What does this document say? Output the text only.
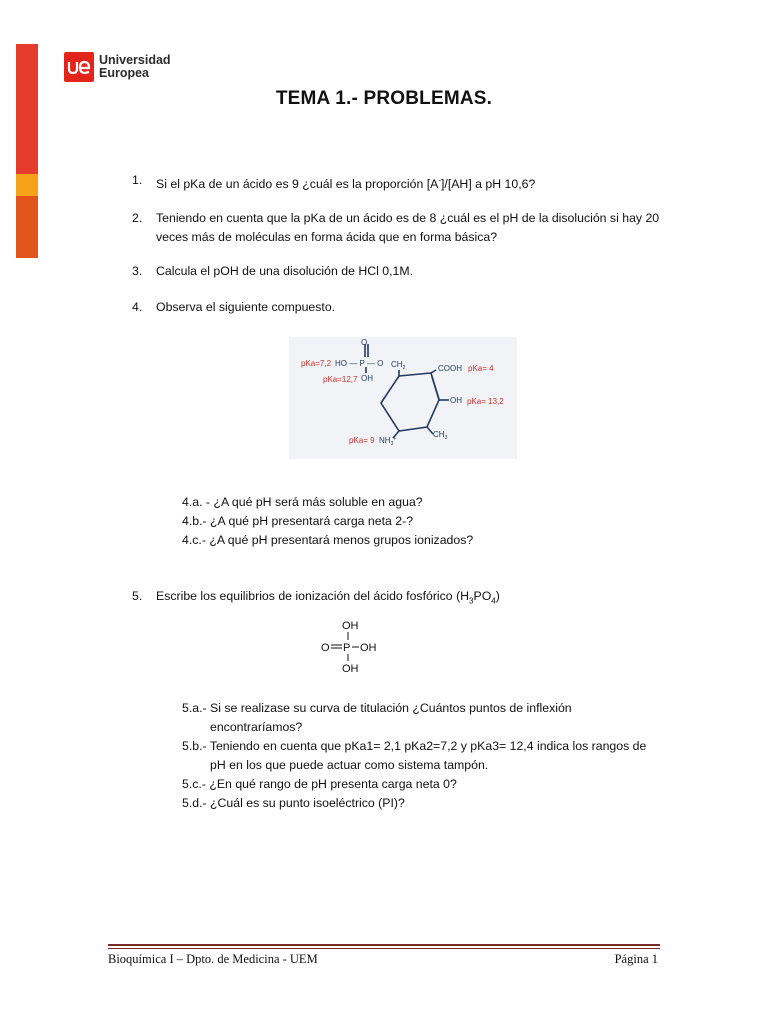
Universidad
Europea
TEMA 1.- PROBLEMAS.
1. Si el pKa de un ácido es 9 ¿cuál es la proporción [A-]/[AH] a pH 10,6?
2. Teniendo en cuenta que la pKa de un ácido es de 8 ¿cuál es el pH de la disolución si hay 20 veces más de moléculas en forma ácida que en forma básica?
3. Calcula el pOH de una disolución de HCl 0,1M.
4. Observa el siguiente compuesto.
O
HO — P — O $CH_2$
OH
COOH
OH
$CH_3$
$NH_3^+$
pKa=7,2
pKa=12,7
pKa= 4
pKa= 13,2
pKa= 9
4.a. - ¿A qué pH será más soluble en agua?
4.b.- ¿A qué pH presentará carga neta 2-?
4.c.- ¿A qué pH presentará menos grupos ionizados?
5. Escribe los equilibrios de ionización del ácido fosfórico $(H_3PO_4)$
OH
O P OH
OH
5.a.- Si se realizase su curva de titulación ¿Cuántos puntos de inflexión
encontraríamos?
5.b.- Teniendo en cuenta que pKa1= 2,1 pKa2=7,2 y pKa3= 12,4 indica los rangos de
pH en los que puede actuar como sistema tampón.
5.c.- ¿En qué rango de pH presenta carga neta 0?
5.d.- ¿Cuál es su punto isoeléctrico (PI)?
Bioquímica I – Dpto. de Medicina - UEM	Página 1
